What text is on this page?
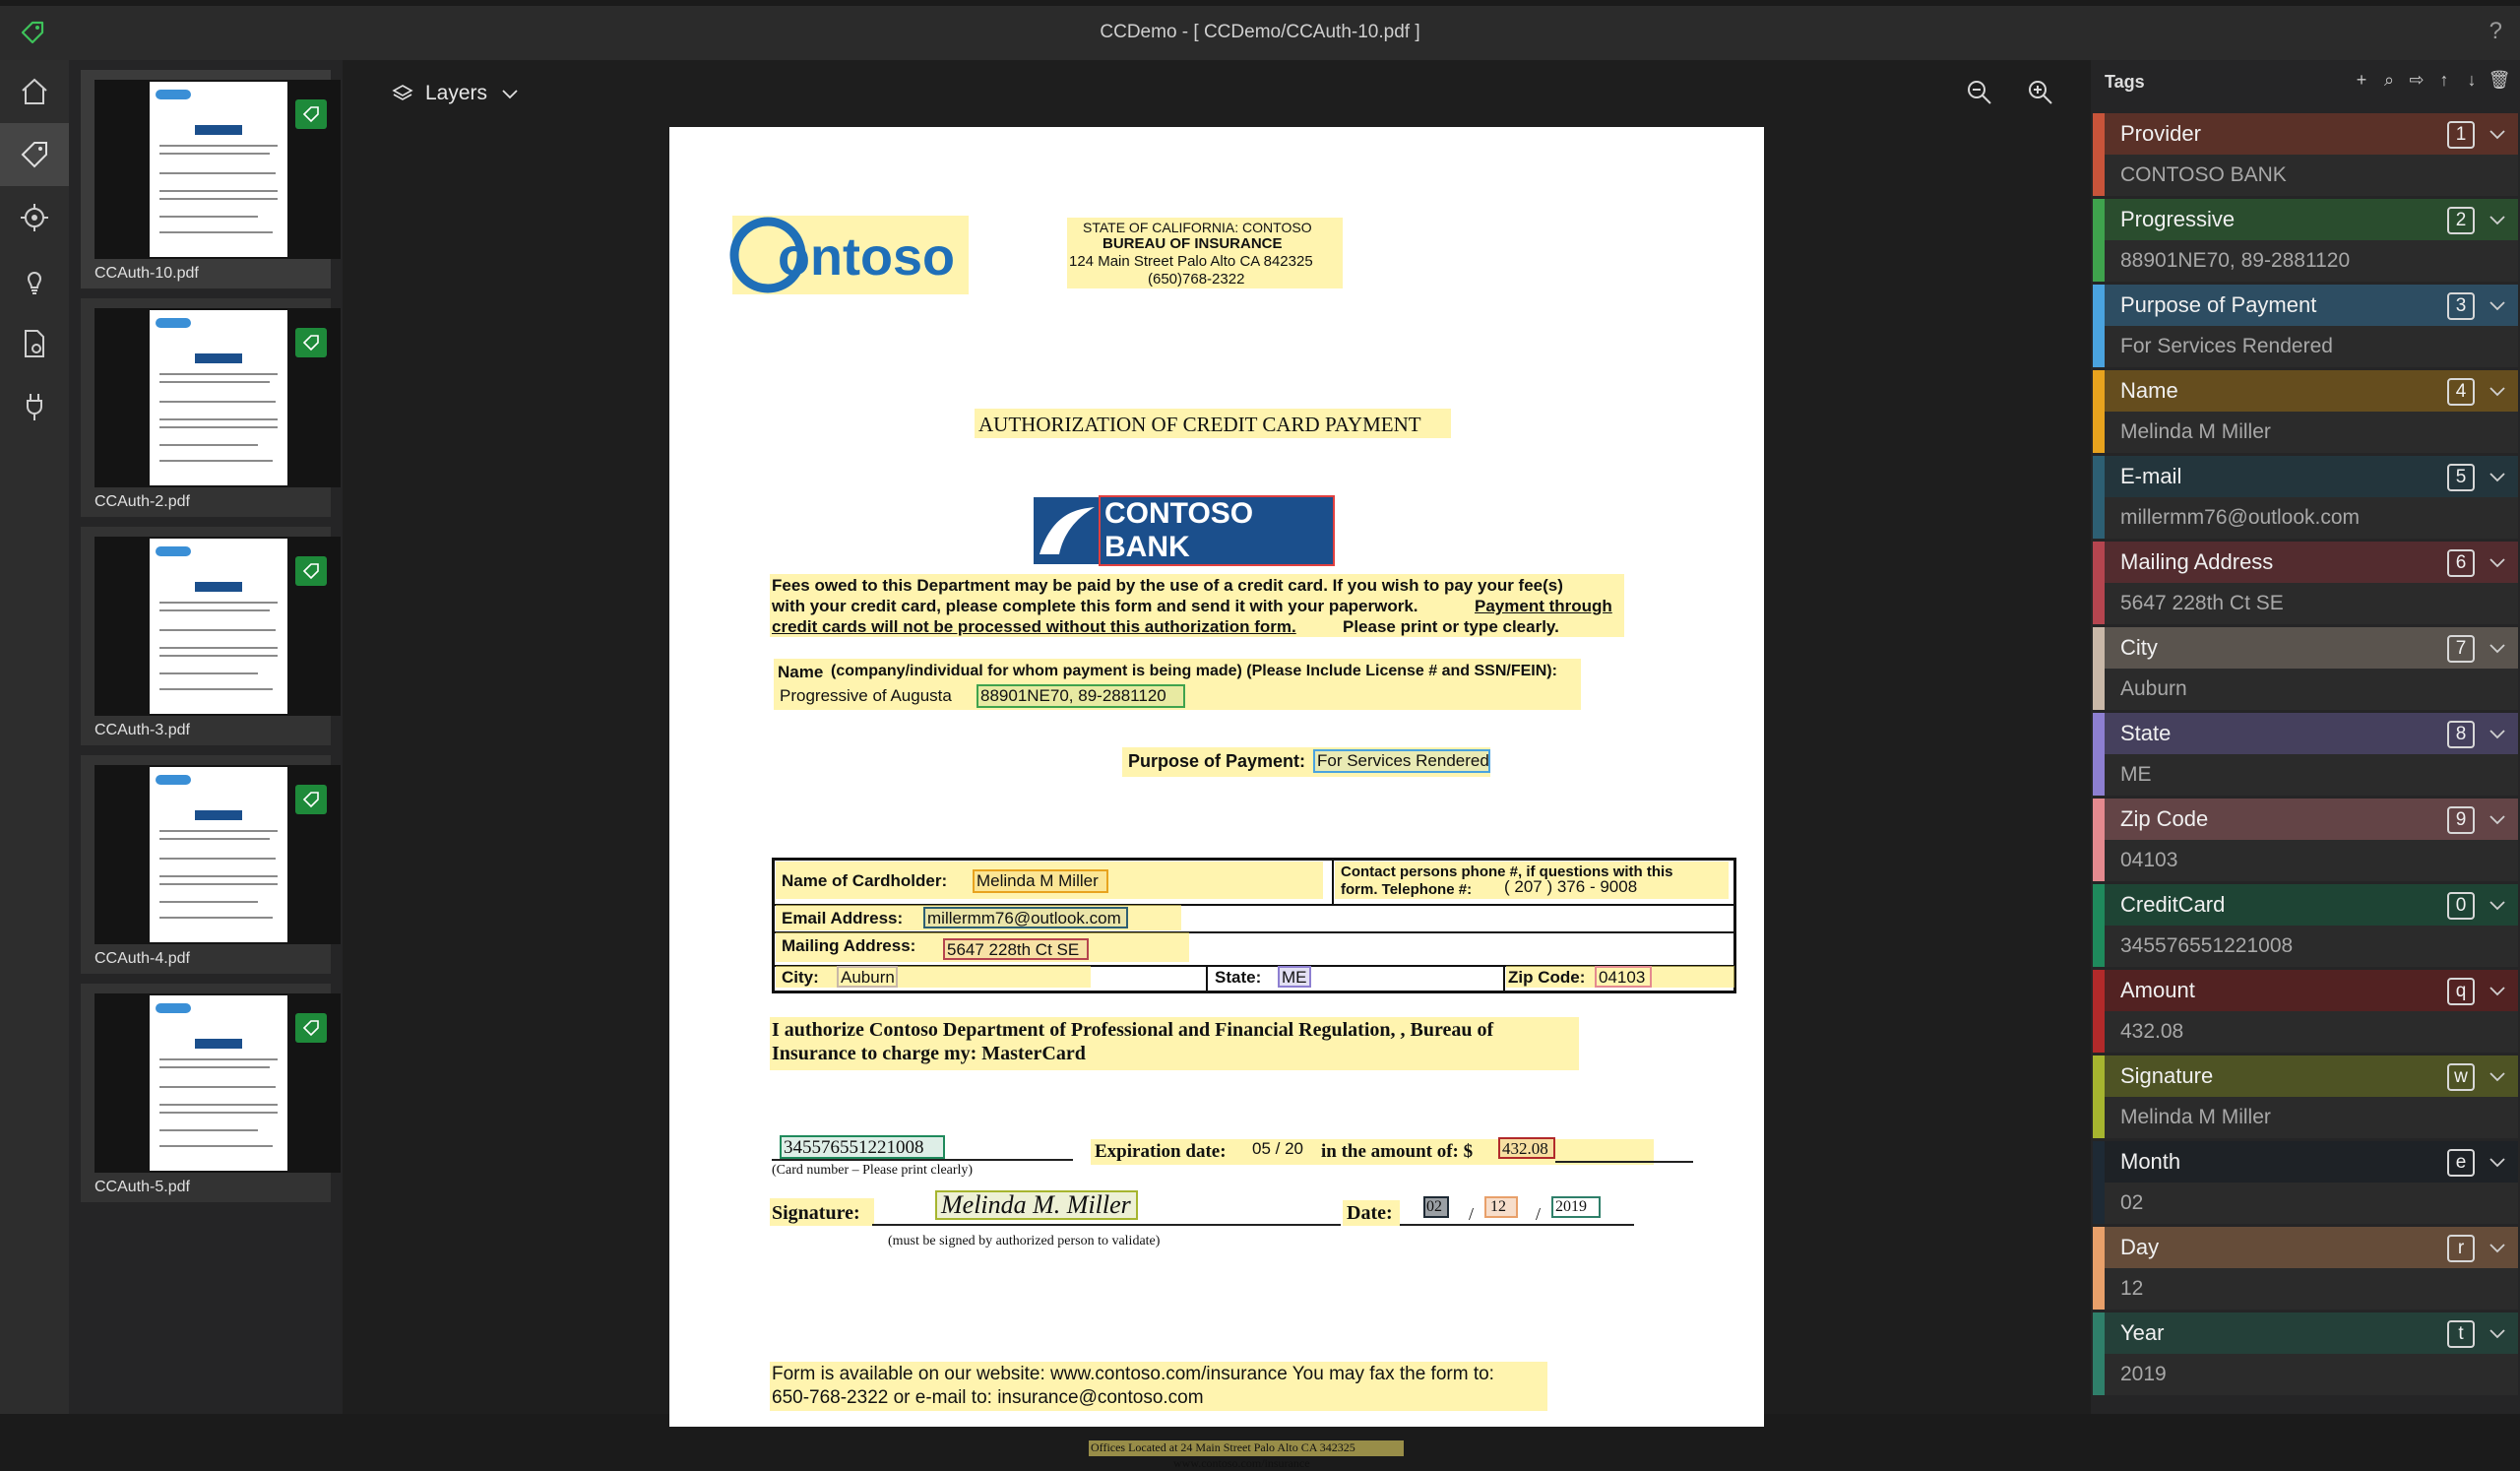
CCDemo - [ CCDemo/CCAuth-10.pdf ]	?
CCAuth-10.pdf
CCAuth-2.pdf
CCAuth-3.pdf
CCAuth-4.pdf
CCAuth-5.pdf
Layers
ontoso	STATE OF CALIFORNIA: CONTOSO
BUREAU OF INSURANCE
124 Main Street Palo Alto CA 842325
(650)768-2322
AUTHORIZATION OF CREDIT CARD PAYMENT
CONTOSO BANK
Fees owed to this Department may be paid by the use of a credit card. If you wish to pay your fee(s)
with your credit card, please complete this form and send it with your paperwork.	Payment through
credit cards will not be processed without this authorization form.	Please print or type clearly.
Name (company/individual for whom payment is being made) (Please Include License # and SSN/FEIN):
Progressive of Augusta 88901NE70, 89-2881120
Purpose of Payment: For Services Rendered
Name of Cardholder: Melinda M Miller	Contact persons phone #, if questions with this
form. Telephone #: ( 207 ) 376 - 9008
Email Address: millermm76@outlook.com
Mailing Address: 5647 228th Ct SE
City: Auburn	State: ME	Zip Code: 04103
I authorize Contoso Department of Professional and Financial Regulation, , Bureau of
Insurance to charge my: MasterCard
345576551221008
(Card number – Please print clearly)
Expiration date: 05 / 20 in the amount of: $ 432.08
Signature:	Melinda M. Miller
(must be signed by authorized person to validate)
Date: 02 / 12 / 2019
Form is available on our website: www.contoso.com/insurance You may fax the form to:
650-768-2322 or e-mail to: insurance@contoso.com
Offices Located at 24 Main Street Palo Alto CA 342325
www.contoso.com/insurance
Tags	+ ⌕ ⇨ ↑ ↓ 🗑
Provider
CONTOSO BANK
1
Progressive
88901NE70, 89-2881120
2
Purpose of Payment
For Services Rendered
3
Name
Melinda M Miller
4
E-mail
millermm76@outlook.com
5
Mailing Address
5647 228th Ct SE
6
City
Auburn
7
State
ME
8
Zip Code
04103
9
CreditCard
345576551221008
0
Amount
432.08
q
Signature
Melinda M Miller
w
Month
02
e
Day
12
r
Year
2019
t
